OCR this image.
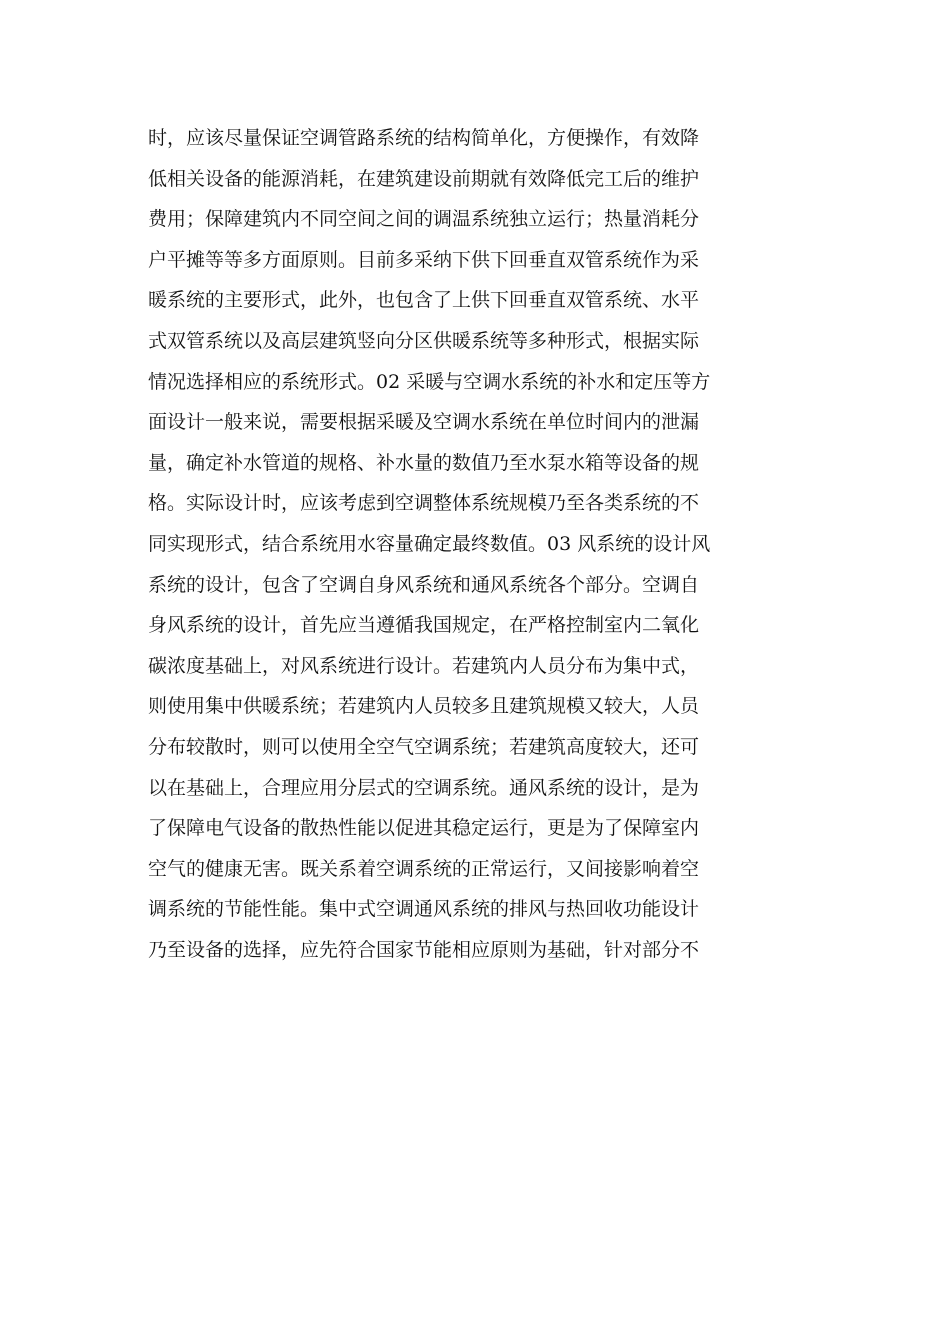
时，应该尽量保证空调管路系统的结构简单化，方便操作，有效降
低相关设备的能源消耗，在建筑建设前期就有效降低完工后的维护
费用；保障建筑内不同空间之间的调温系统独立运行；热量消耗分
户平摊等等多方面原则。目前多采纳下供下回垂直双管系统作为采
暖系统的主要形式，此外，也包含了上供下回垂直双管系统、水平
式双管系统以及高层建筑竖向分区供暖系统等多种形式，根据实际
情况选择相应的系统形式。02 采暖与空调水系统的补水和定压等方
面设计一般来说，需要根据采暖及空调水系统在单位时间内的泄漏
量，确定补水管道的规格、补水量的数值乃至水泵水箱等设备的规
格。实际设计时，应该考虑到空调整体系统规模乃至各类系统的不
同实现形式，结合系统用水容量确定最终数值。03 风系统的设计风
系统的设计，包含了空调自身风系统和通风系统各个部分。空调自
身风系统的设计，首先应当遵循我国规定，在严格控制室内二氧化
碳浓度基础上，对风系统进行设计。若建筑内人员分布为集中式，
则使用集中供暖系统；若建筑内人员较多且建筑规模又较大，人员
分布较散时，则可以使用全空气空调系统；若建筑高度较大，还可
以在基础上，合理应用分层式的空调系统。通风系统的设计，是为
了保障电气设备的散热性能以促进其稳定运行，更是为了保障室内
空气的健康无害。既关系着空调系统的正常运行，又间接影响着空
调系统的节能性能。集中式空调通风系统的排风与热回收功能设计
乃至设备的选择，应先符合国家节能相应原则为基础，针对部分不
